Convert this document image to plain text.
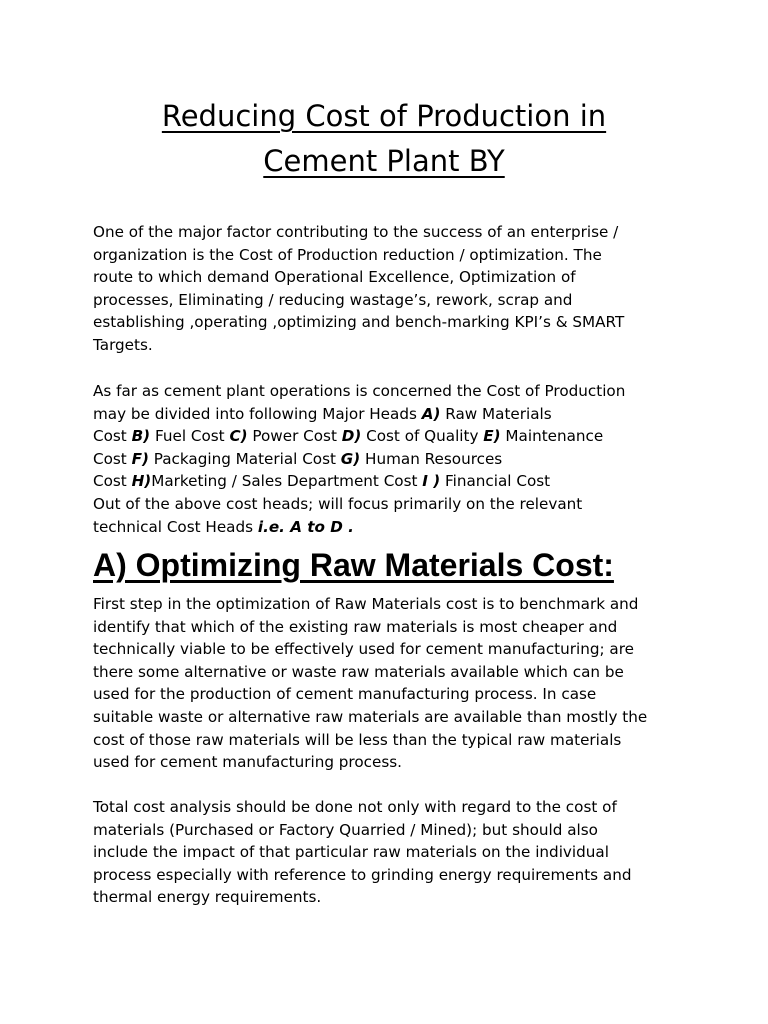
Reducing Cost of Production in
Cement Plant BY

One of the major factor contributing to the success of an enterprise /
organization is the Cost of Production reduction / optimization. The
route to which demand Operational Excellence, Optimization of
processes, Eliminating / reducing wastage’s, rework, scrap and
establishing ,operating ,optimizing and bench-marking KPI’s & SMART
Targets.

As far as cement plant operations is concerned the Cost of Production
may be divided into following Major Heads A) Raw Materials
Cost B) Fuel Cost C) Power Cost D) Cost of Quality E) Maintenance
Cost F) Packaging Material Cost G) Human Resources
Cost H)Marketing / Sales Department Cost I ) Financial Cost
Out of the above cost heads; will focus primarily on the relevant
technical Cost Heads i.e. A to D .

A) Optimizing Raw Materials Cost:

First step in the optimization of Raw Materials cost is to benchmark and
identify that which of the existing raw materials is most cheaper and
technically viable to be effectively used for cement manufacturing; are
there some alternative or waste raw materials available which can be
used for the production of cement manufacturing process. In case
suitable waste or alternative raw materials are available than mostly the
cost of those raw materials will be less than the typical raw materials
used for cement manufacturing process.

Total cost analysis should be done not only with regard to the cost of
materials (Purchased or Factory Quarried / Mined); but should also
include the impact of that particular raw materials on the individual
process especially with reference to grinding energy requirements and
thermal energy requirements.
